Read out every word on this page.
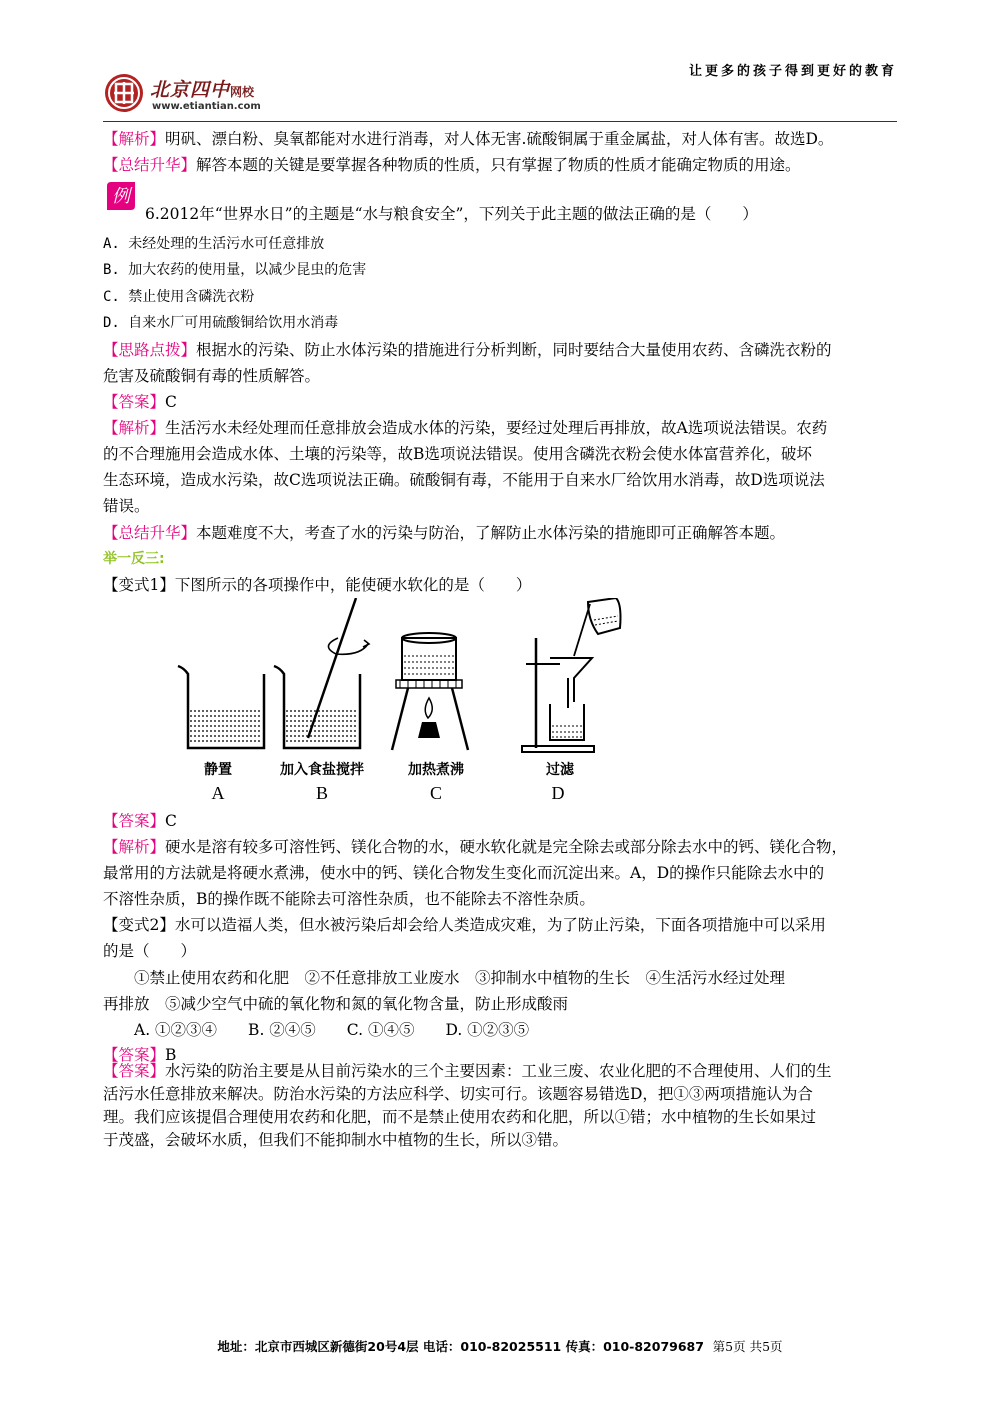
北京四中网校
www.etiantian.com
让更多的孩子得到更好的教育
【解析】明矾、漂白粉、臭氧都能对水进行消毒，对人体无害.硫酸铜属于重金属盐，对人体有害。故选D。
【总结升华】解答本题的关键是要掌握各种物质的性质，只有掌握了物质的性质才能确定物质的用途。
例
6.2012年“世界水日”的主题是“水与粮食安全”，下列关于此主题的做法正确的是（　　）
A. 未经处理的生活污水可任意排放
B. 加大农药的使用量，以减少昆虫的危害
C. 禁止使用含磷洗衣粉
D. 自来水厂可用硫酸铜给饮用水消毒
【思路点拨】根据水的污染、防止水体污染的措施进行分析判断，同时要结合大量使用农药、含磷洗衣粉的
危害及硫酸铜有毒的性质解答。
【答案】C
【解析】生活污水未经处理而任意排放会造成水体的污染，要经过处理后再排放，故A选项说法错误。农药
的不合理施用会造成水体、土壤的污染等，故B选项说法错误。使用含磷洗衣粉会使水体富营养化，破坏
生态环境，造成水污染，故C选项说法正确。硫酸铜有毒，不能用于自来水厂给饮用水消毒，故D选项说法
错误。
【总结升华】本题难度不大，考查了水的污染与防治，了解防止水体污染的措施即可正确解答本题。
举一反三:
【变式1】下图所示的各项操作中，能使硬水软化的是（　　）
静置	加入食盐搅拌	加热煮沸	过滤
A	B	C	D
【答案】C
【解析】硬水是溶有较多可溶性钙、镁化合物的水，硬水软化就是完全除去或部分除去水中的钙、镁化合物，
最常用的方法就是将硬水煮沸，使水中的钙、镁化合物发生变化而沉淀出来。A，D的操作只能除去水中的
不溶性杂质，B的操作既不能除去可溶性杂质，也不能除去不溶性杂质。
【变式2】水可以造福人类，但水被污染后却会给人类造成灾难，为了防止污染，下面各项措施中可以采用
的是（　　）
　　①禁止使用农药和化肥　②不任意排放工业废水　③抑制水中植物的生长　④生活污水经过处理
再排放　⑤减少空气中硫的氧化物和氮的氧化物含量，防止形成酸雨
　　A. ①②③④　　B. ②④⑤　　C. ①④⑤　　D. ①②③⑤
【答案】B
【答案】水污染的防治主要是从目前污染水的三个主要因素：工业三废、农业化肥的不合理使用、人们的生
活污水任意排放来解决。防治水污染的方法应科学、切实可行。该题容易错选D，把①③两项措施认为合
理。我们应该提倡合理使用农药和化肥，而不是禁止使用农药和化肥，所以①错；水中植物的生长如果过
于茂盛，会破坏水质，但我们不能抑制水中植物的生长，所以③错。
地址：北京市西城区新德街20号4层 电话：010-82025511 传真：010-82079687 第5页 共5页
